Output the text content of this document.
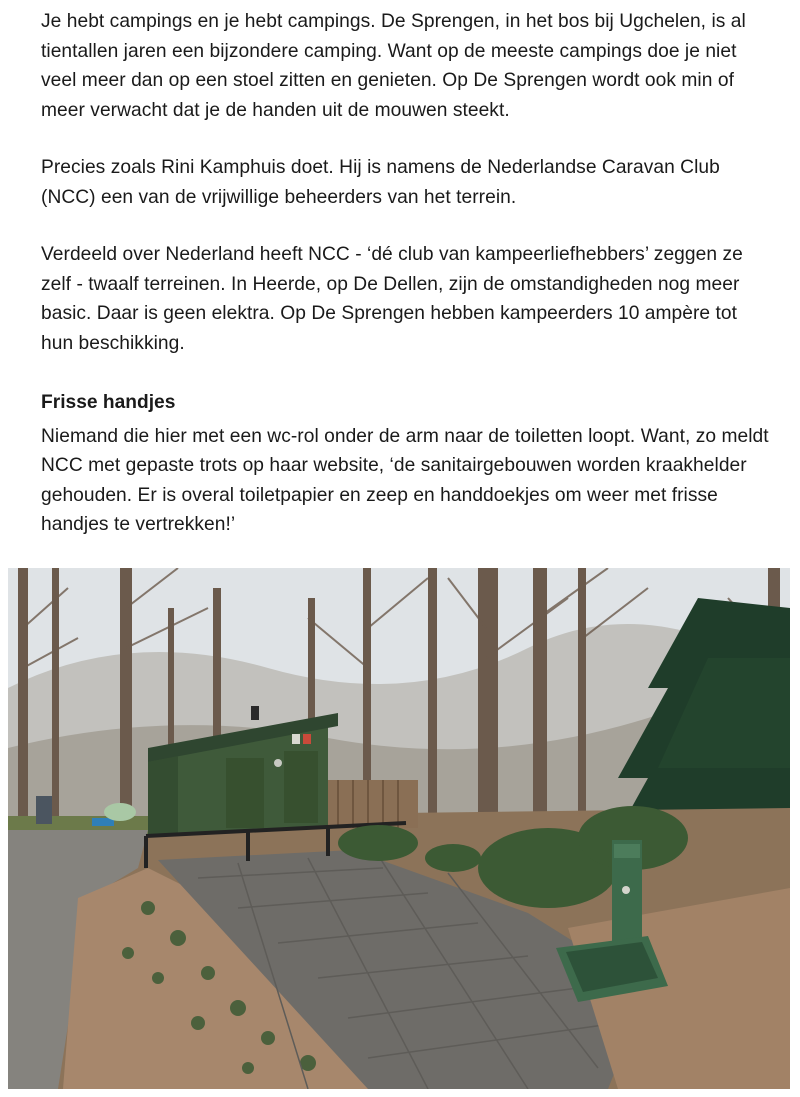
Je hebt campings en je hebt campings. De Sprengen, in het bos bij Ugchelen, is al tientallen jaren een bijzondere camping. Want op de meeste campings doe je niet veel meer dan op een stoel zitten en genieten. Op De Sprengen wordt ook min of meer verwacht dat je de handen uit de mouwen steekt.

Precies zoals Rini Kamphuis doet. Hij is namens de Nederlandse Caravan Club (NCC) een van de vrijwillige beheerders van het terrein.

Verdeeld over Nederland heeft NCC - ‘dé club van kampeerliefhebbers’ zeggen ze zelf - twaalf terreinen. In Heerde, op De Dellen, zijn de omstandigheden nog meer basic. Daar is geen elektra. Op De Sprengen hebben kampeerders 10 ampère tot hun beschikking.

Frisse handjes

Niemand die hier met een wc-rol onder de arm naar de toiletten loopt. Want, zo meldt NCC met gepaste trots op haar website, ‘de sanitairgebouwen worden kraakhelder gehouden. Er is overal toiletpapier en zeep en handdoekjes om weer met frisse handjes te vertrekken!’
